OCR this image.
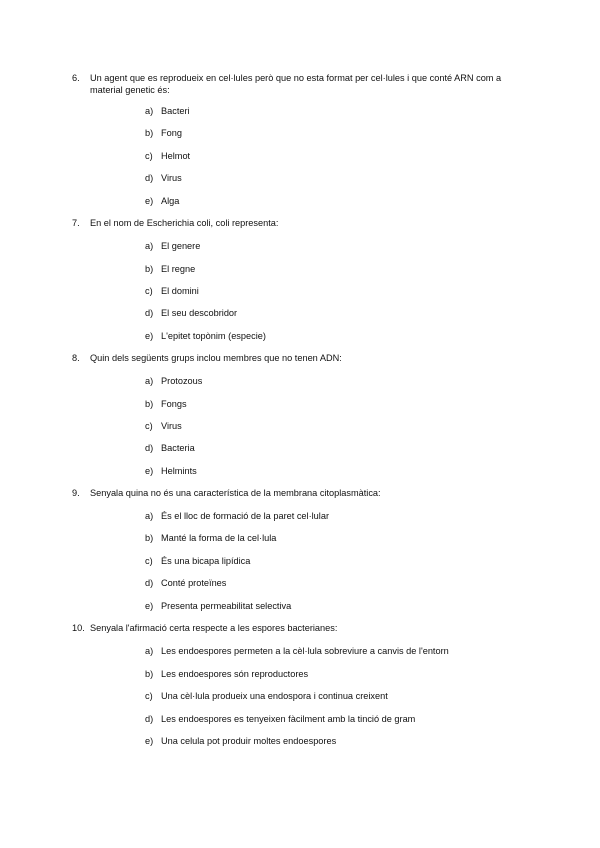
6.	Un agent que es reprodueix en cel·lules però que no esta format per cel·lules i que conté ARN com a material genetic és:
a) Bacteri
b) Fong
c) Helmot
d) Virus
e) Alga
7.	En el nom de Escherichia coli, coli representa:
a) El genere
b) El regne
c) El domini
d) El seu descobridor
e) L'epitet topònim (especie)
8.	Quin dels següents grups inclou membres que no tenen ADN:
a) Protozous
b) Fongs
c) Virus
d) Bacteria
e) Helmints
9.	Senyala quina no és una característica de la membrana citoplasmàtica:
a) És el lloc de formació de la paret cel·lular
b) Manté la forma de la cel·lula
c) És una bicapa lipídica
d) Conté proteïnes
e) Presenta permeabilitat selectiva
10. Senyala l'afirmació certa respecte a les espores bacterianes:
a) Les endoespores permeten a la cèl·lula sobreviure a canvis de l'entorn
b) Les endoespores són reproductores
c) Una cèl·lula produeix una endospora i continua creixent
d) Les endoespores es tenyeixen fàcilment amb la tinció de gram
e) Una celula pot produir moltes endoespores
